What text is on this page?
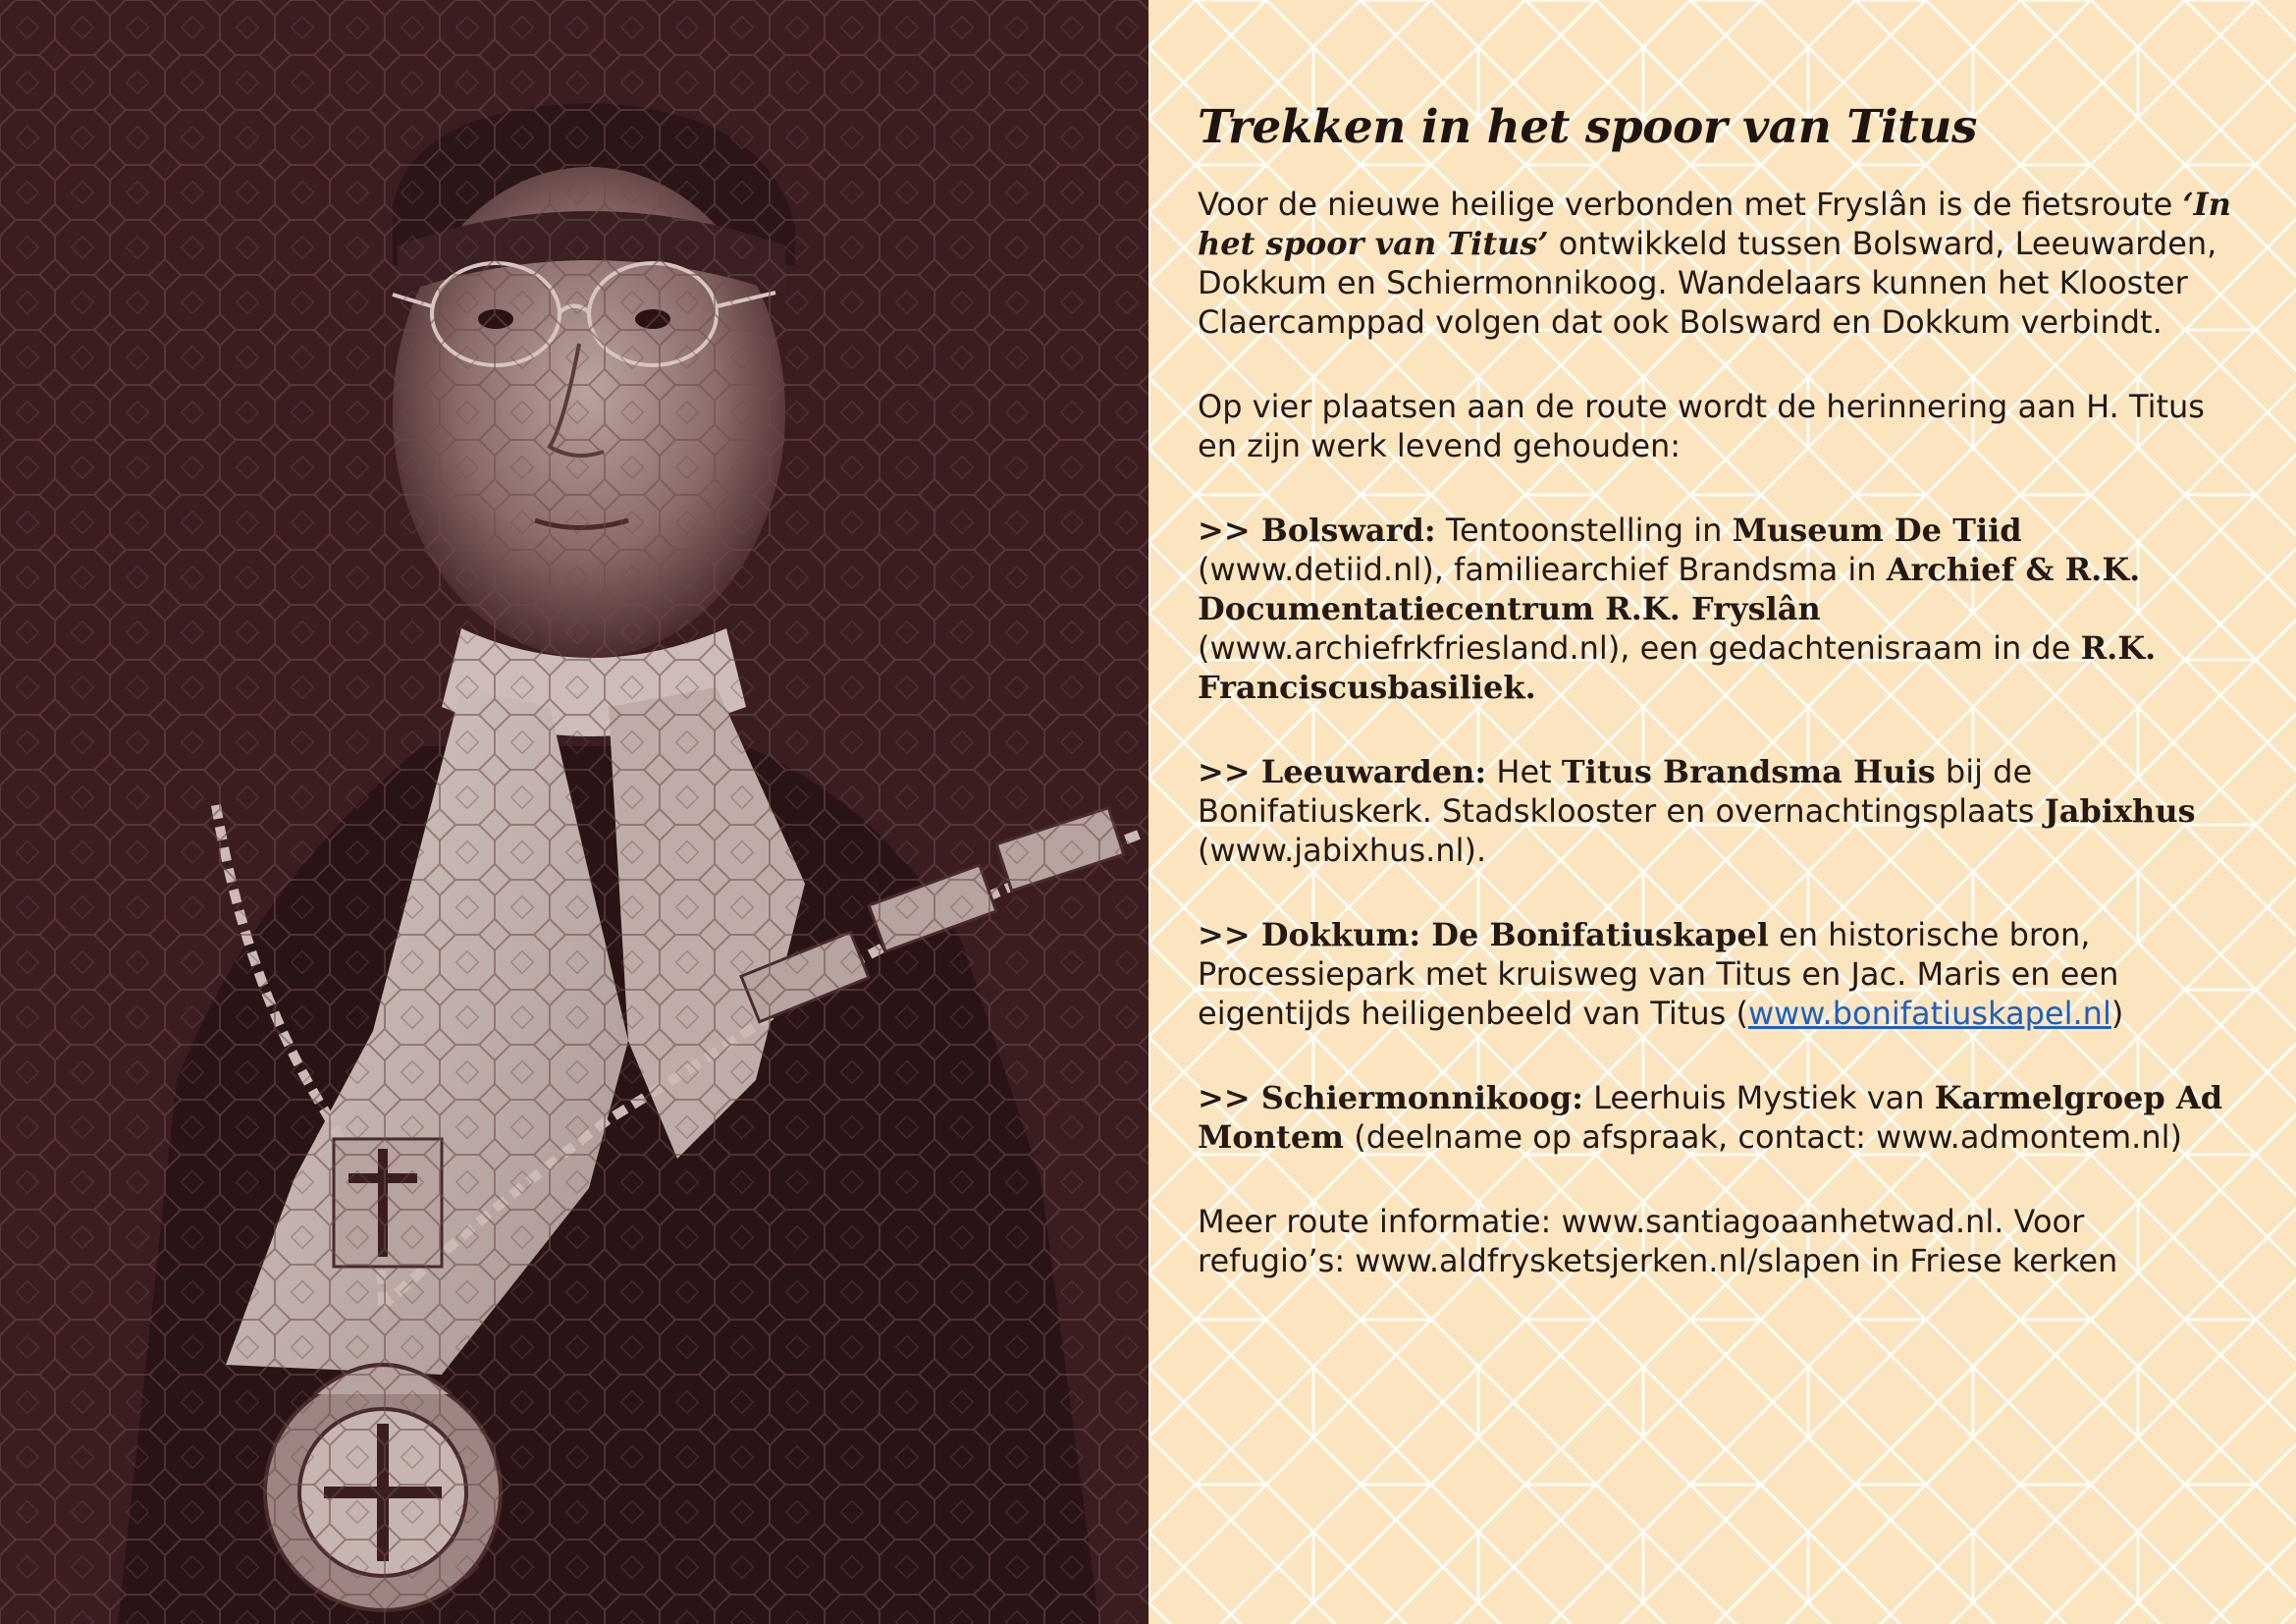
Trekken in het spoor van Titus

Voor de nieuwe heilige verbonden met Fryslân is de fietsroute ‘In het spoor van Titus’ ontwikkeld tussen Bolsward, Leeuwarden, Dokkum en Schiermonnikoog. Wandelaars kunnen het Klooster Claercamppad volgen dat ook Bolsward en Dokkum verbindt.

Op vier plaatsen aan de route wordt de herinnering aan H. Titus en zijn werk levend gehouden:

>> Bolsward: Tentoonstelling in Museum De Tiid (www.detiid.nl), familiearchief Brandsma in Archief & R.K. Documentatiecentrum R.K. Fryslân (www.archiefrkfriesland.nl), een gedachtenisraam in de R.K. Franciscusbasiliek.

>> Leeuwarden: Het Titus Brandsma Huis bij de Bonifatiuskerk. Stadsklooster en overnachtingsplaats Jabixhus (www.jabixhus.nl).

>> Dokkum: De Bonifatiuskapel en historische bron, Processiepark met kruisweg van Titus en Jac. Maris en een eigentijds heiligenbeeld van Titus (www.bonifatiuskapel.nl)

>> Schiermonnikoog: Leerhuis Mystiek van Karmelgroep Ad Montem (deelname op afspraak, contact: www.admontem.nl)

Meer route informatie: www.santiagoaanhetwad.nl. Voor refugio’s: www.aldfrysketsjerken.nl/slapen in Friese kerken
